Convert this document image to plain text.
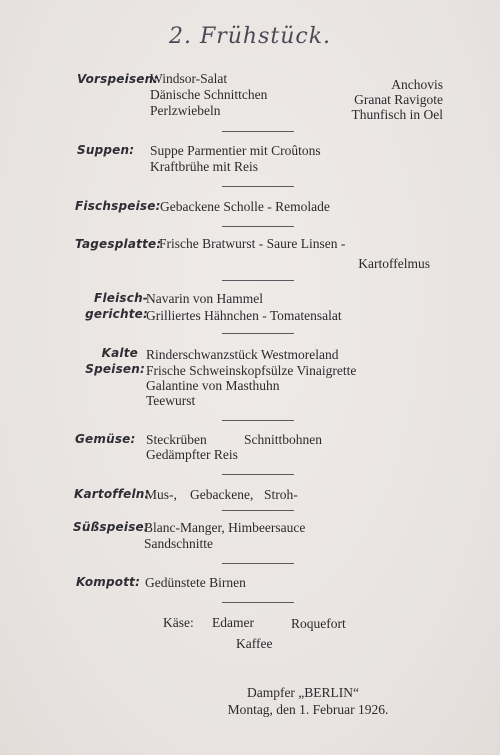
2. Frühstück.
Vorspeisen:
Windsor-Salat
Dänische Schnittchen
Perlzwiebeln
Anchovis
Granat Ravigote
Thunfisch in Oel
Suppen: Suppe Parmentier mit Croûtons
Kraftbrühe mit Reis
Fischspeise: Gebackene Scholle - Remolade
Tagesplatte:
Frische Bratwurst - Saure Linsen -
Kartoffelmus
Fleisch-
gerichte:
Navarin von Hammel
Grilliertes Hähnchen - Tomatensalat
Kalte
Speisen:
Rinderschwanzstück Westmoreland
Frische Schweinskopfsülze Vinaigrette
Galantine von Masthuhn
Teewurst
Gemüse: Steckrüben	Schnittbohnen
Gedämpfter Reis
Kartoffeln:
Mus-, Gebackene, Stroh-
Süßspeise:
Blanc-Manger, Himbeersauce
Sandschnitte
Kompott: Gedünstete Birnen
Käse: Edamer	Roquefort
Kaffee
Dampfer „BERLIN“
Montag, den 1. Februar 1926.
